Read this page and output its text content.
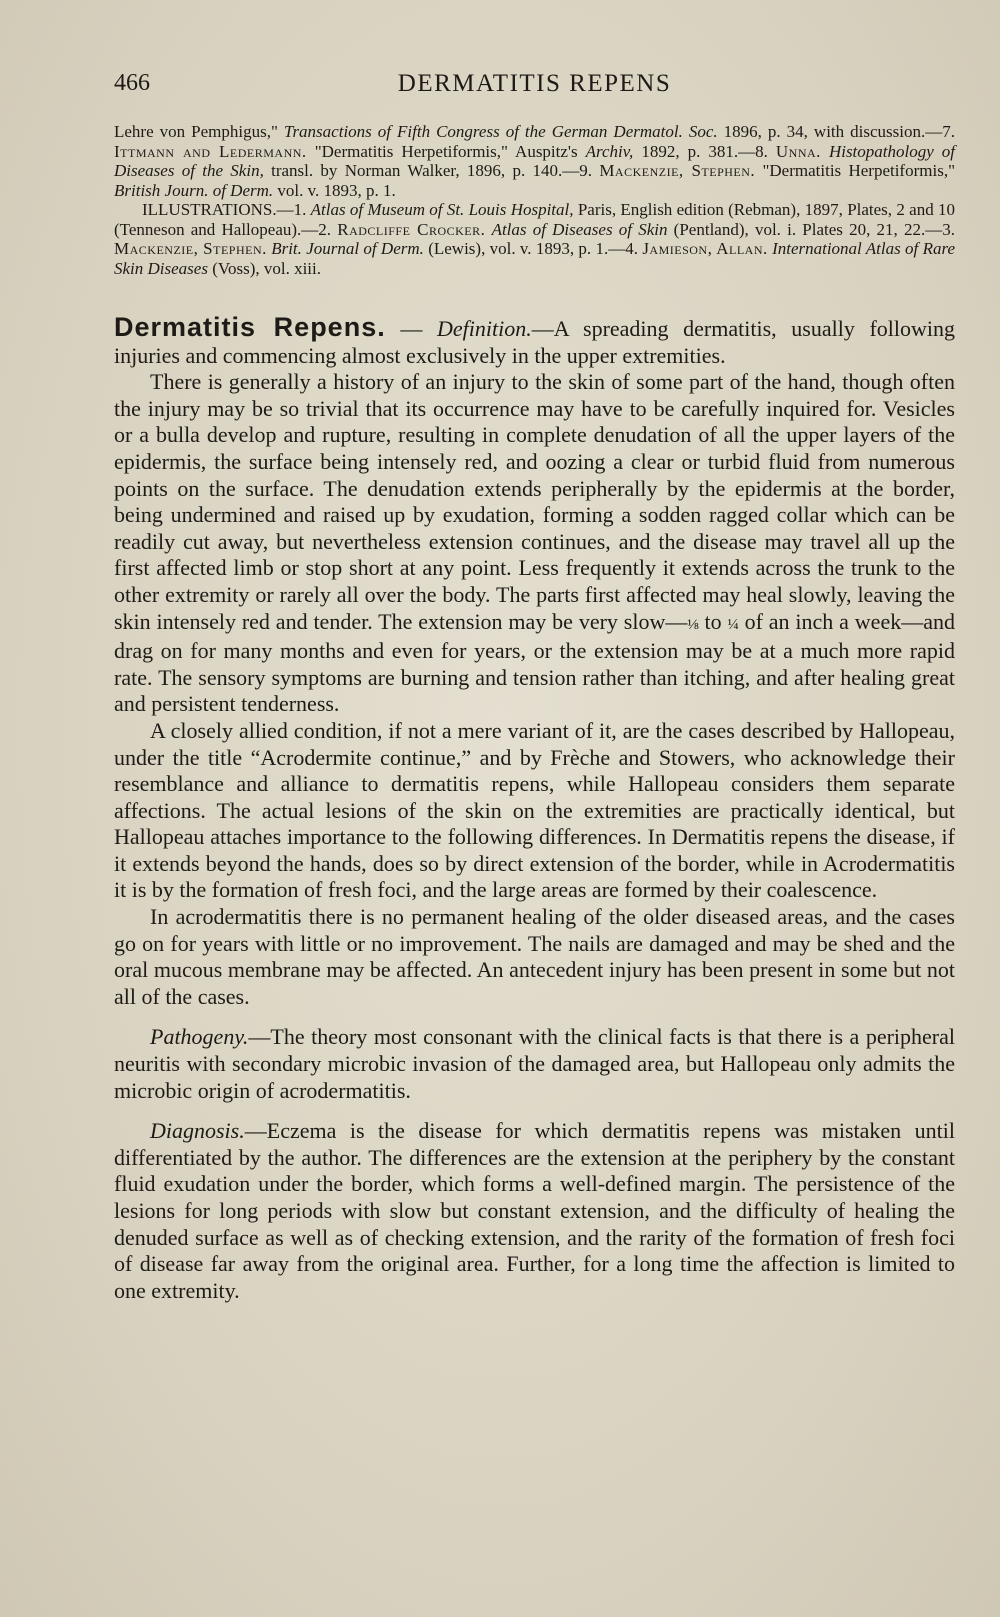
466	DERMATITIS REPENS

Lehre von Pemphigus," Transactions of Fifth Congress of the German Dermatol. Soc. 1896, p. 34, with discussion.—7. Ittmann and Ledermann. "Dermatitis Herpetiformis," Auspitz's Archiv, 1892, p. 381.—8. Unna. Histopathology of Diseases of the Skin, transl. by Norman Walker, 1896, p. 140.—9. Mackenzie, Stephen. "Dermatitis Herpetiformis," British Journ. of Derm. vol. v. 1893, p. 1.

ILLUSTRATIONS.—1. Atlas of Museum of St. Louis Hospital, Paris, English edition (Rebman), 1897, Plates, 2 and 10 (Tenneson and Hallopeau).—2. Radcliffe Crocker. Atlas of Diseases of Skin (Pentland), vol. i. Plates 20, 21, 22.—3. Mackenzie, Stephen. Brit. Journal of Derm. (Lewis), vol. v. 1893, p. 1.—4. Jamieson, Allan. International Atlas of Rare Skin Diseases (Voss), vol. xiii.

Dermatitis Repens. — Definition.—A spreading dermatitis, usually following injuries and commencing almost exclusively in the upper extremities.

There is generally a history of an injury to the skin of some part of the hand, though often the injury may be so trivial that its occurrence may have to be carefully inquired for. Vesicles or a bulla develop and rupture, resulting in complete denudation of all the upper layers of the epidermis, the surface being intensely red, and oozing a clear or turbid fluid from numerous points on the surface. The denudation extends peripherally by the epidermis at the border, being undermined and raised up by exudation, forming a sodden ragged collar which can be readily cut away, but nevertheless extension continues, and the disease may travel all up the first affected limb or stop short at any point. Less frequently it extends across the trunk to the other extremity or rarely all over the body. The parts first affected may heal slowly, leaving the skin intensely red and tender. The extension may be very slow—⅛ to ¼ of an inch a week—and drag on for many months and even for years, or the extension may be at a much more rapid rate. The sensory symptoms are burning and tension rather than itching, and after healing great and persistent tenderness.

A closely allied condition, if not a mere variant of it, are the cases described by Hallopeau, under the title “Acrodermite continue,” and by Frèche and Stowers, who acknowledge their resemblance and alliance to dermatitis repens, while Hallopeau considers them separate affections. The actual lesions of the skin on the extremities are practically identical, but Hallopeau attaches importance to the following differences. In Dermatitis repens the disease, if it extends beyond the hands, does so by direct extension of the border, while in Acrodermatitis it is by the formation of fresh foci, and the large areas are formed by their coalescence.

In acrodermatitis there is no permanent healing of the older diseased areas, and the cases go on for years with little or no improvement. The nails are damaged and may be shed and the oral mucous membrane may be affected. An antecedent injury has been present in some but not all of the cases.

Pathogeny.—The theory most consonant with the clinical facts is that there is a peripheral neuritis with secondary microbic invasion of the damaged area, but Hallopeau only admits the microbic origin of acrodermatitis.

Diagnosis.—Eczema is the disease for which dermatitis repens was mistaken until differentiated by the author. The differences are the extension at the periphery by the constant fluid exudation under the border, which forms a well-defined margin. The persistence of the lesions for long periods with slow but constant extension, and the difficulty of healing the denuded surface as well as of checking extension, and the rarity of the formation of fresh foci of disease far away from the original area. Further, for a long time the affection is limited to one extremity.
